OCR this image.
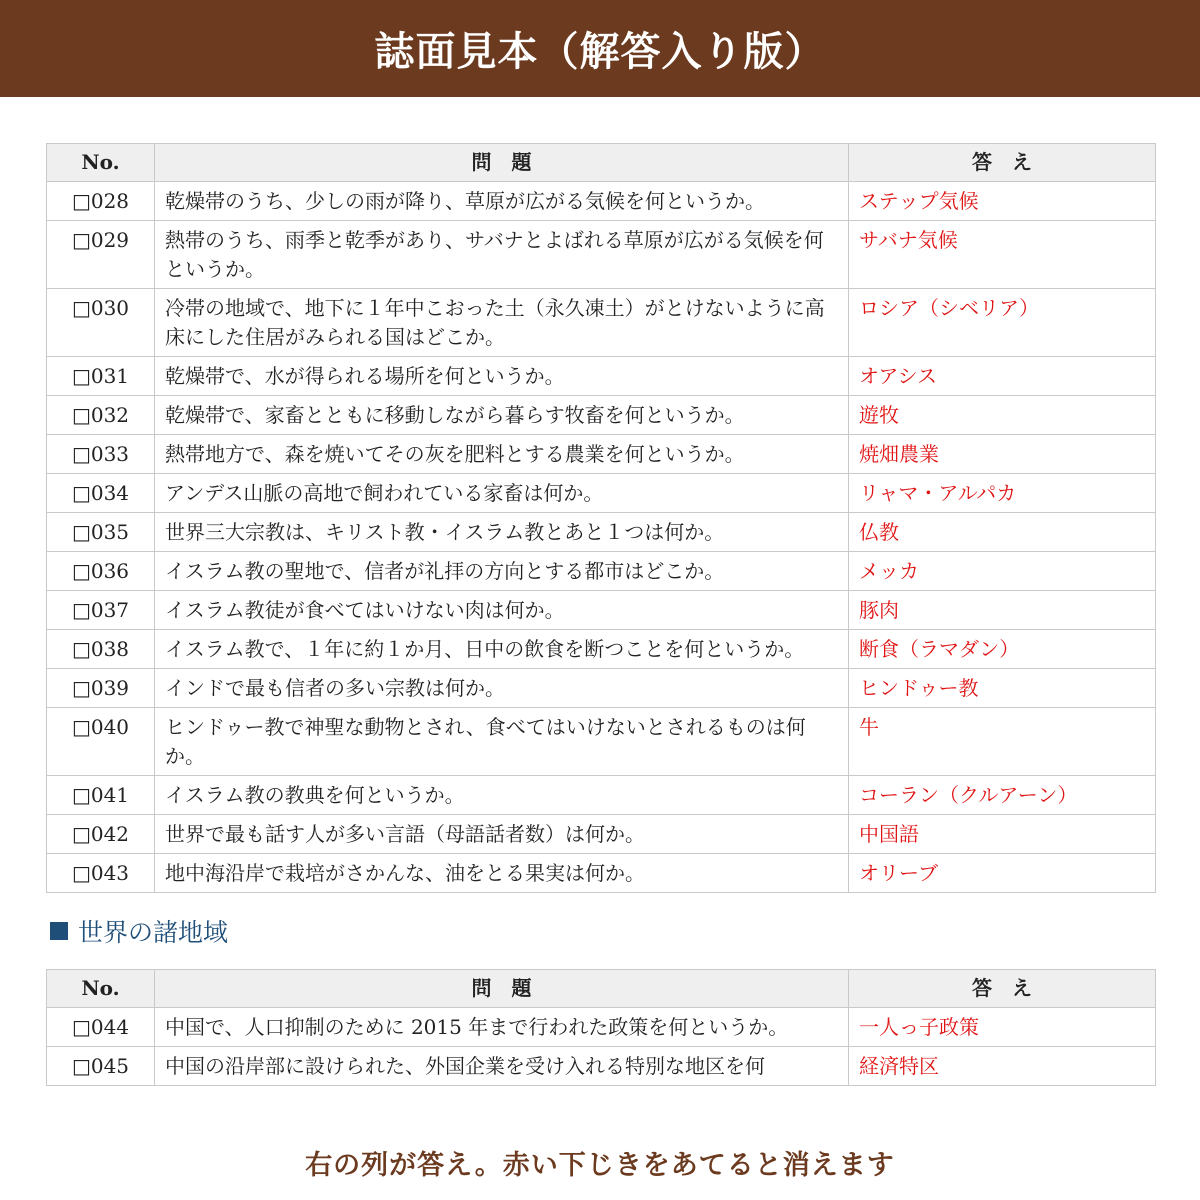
誌面見本（解答入り版）
No.	問　題	答　え
□028	乾燥帯のうち、少しの雨が降り、草原が広がる気候を何というか。	ステップ気候
□029	熱帯のうち、雨季と乾季があり、サバナとよばれる草原が広がる気候を何というか。	サバナ気候
□030	冷帯の地域で、地下に１年中こおった土（永久凍土）がとけないように高床にした住居がみられる国はどこか。	ロシア（シベリア）
□031	乾燥帯で、水が得られる場所を何というか。	オアシス
□032	乾燥帯で、家畜とともに移動しながら暮らす牧畜を何というか。	遊牧
□033	熱帯地方で、森を焼いてその灰を肥料とする農業を何というか。	焼畑農業
□034	アンデス山脈の高地で飼われている家畜は何か。	リャマ・アルパカ
□035	世界三大宗教は、キリスト教・イスラム教とあと１つは何か。	仏教
□036	イスラム教の聖地で、信者が礼拝の方向とする都市はどこか。	メッカ
□037	イスラム教徒が食べてはいけない肉は何か。	豚肉
□038	イスラム教で、１年に約１か月、日中の飲食を断つことを何というか。	断食（ラマダン）
□039	インドで最も信者の多い宗教は何か。	ヒンドゥー教
□040	ヒンドゥー教で神聖な動物とされ、食べてはいけないとされるものは何か。	牛
□041	イスラム教の教典を何というか。	コーラン（クルアーン）
□042	世界で最も話す人が多い言語（母語話者数）は何か。	中国語
□043	地中海沿岸で栽培がさかんな、油をとる果実は何か。	オリーブ
世界の諸地域
No.	問　題	答　え
□044	中国で、人口抑制のために 2015 年まで行われた政策を何というか。	一人っ子政策
□045	中国の沿岸部に設けられた、外国企業を受け入れる特別な地区を何	経済特区
右の列が答え。赤い下じきをあてると消えます
